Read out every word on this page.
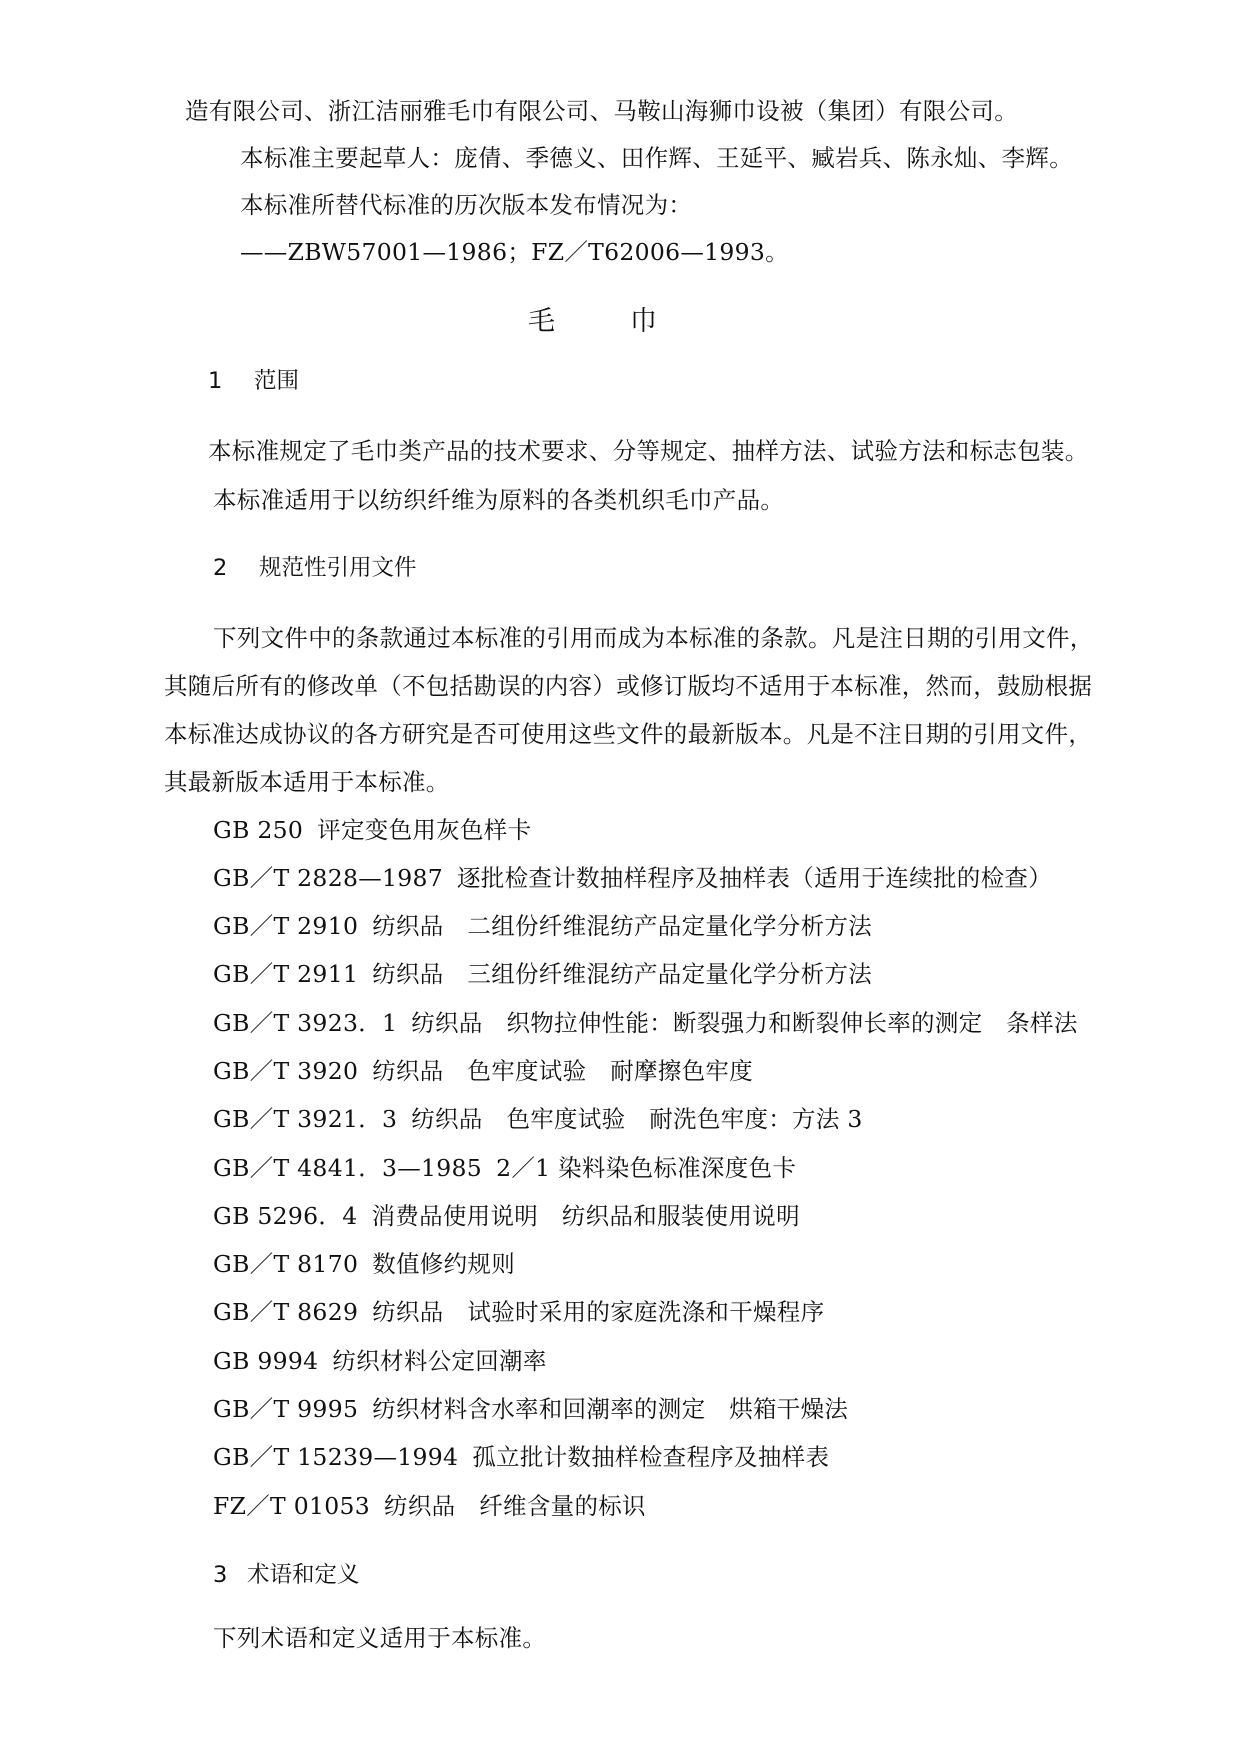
造有限公司、浙江洁丽雅毛巾有限公司、马鞍山海狮巾设被（集团）有限公司。
本标准主要起草人：庞倩、季德义、田作辉、王延平、臧岩兵、陈永灿、李辉。
本标准所替代标准的历次版本发布情况为：
——ZBW57001—1986；FZ／T62006—1993。
毛	巾
1 范围
本标准规定了毛巾类产品的技术要求、分等规定、抽样方法、试验方法和标志包装。
本标准适用于以纺织纤维为原料的各类机织毛巾产品。
2 规范性引用文件
下列文件中的条款通过本标准的引用而成为本标准的条款。凡是注日期的引用文件，
其随后所有的修改单（不包括勘误的内容）或修订版均不适用于本标准，然而，鼓励根据
本标准达成协议的各方研究是否可使用这些文件的最新版本。凡是不注日期的引用文件，
其最新版本适用于本标准。
GB 250 评定变色用灰色样卡
GB／T 2828—1987 逐批检查计数抽样程序及抽样表（适用于连续批的检查）
GB／T 2910 纺织品　二组份纤维混纺产品定量化学分析方法
GB／T 2911 纺织品　三组份纤维混纺产品定量化学分析方法
GB／T 3923．1 纺织品　织物拉伸性能：断裂强力和断裂伸长率的测定　条样法
GB／T 3920 纺织品　色牢度试验　耐摩擦色牢度
GB／T 3921．3 纺织品　色牢度试验　耐洗色牢度：方法 3
GB／T 4841．3—1985 2／1 染料染色标准深度色卡
GB 5296．4 消费品使用说明　纺织品和服装使用说明
GB／T 8170 数值修约规则
GB／T 8629 纺织品　试验时采用的家庭洗涤和干燥程序
GB 9994 纺织材料公定回潮率
GB／T 9995 纺织材料含水率和回潮率的测定　烘箱干燥法
GB／T 15239—1994 孤立批计数抽样检查程序及抽样表
FZ／T 01053 纺织品　纤维含量的标识
3 术语和定义
下列术语和定义适用于本标准。
